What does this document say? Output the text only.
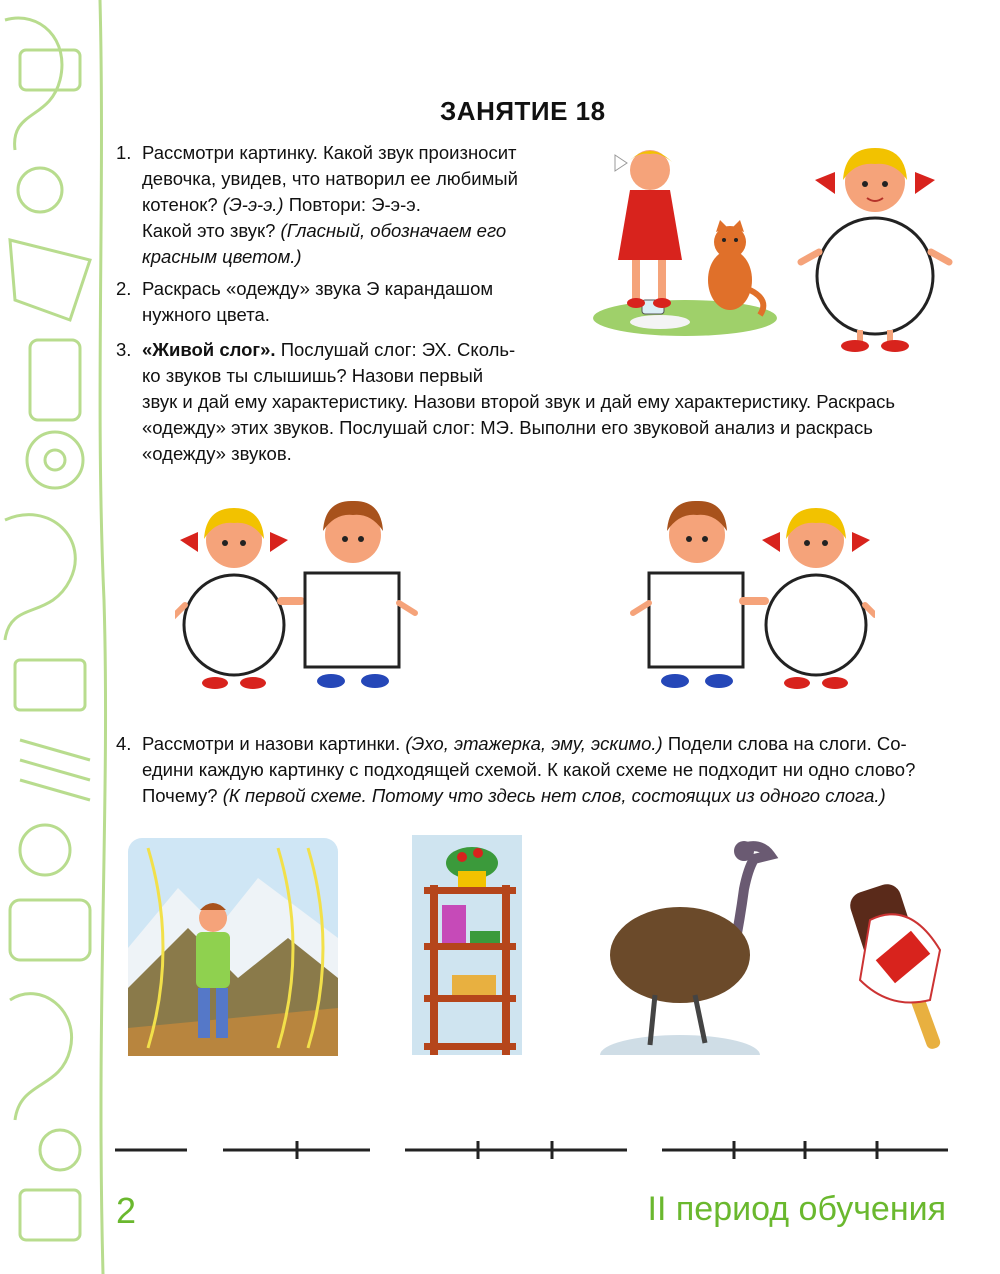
ЗАНЯТИЕ 18
1. Рассмотри картинку. Какой звук произносит
девочка, увидев, что натворил ее любимый
котенок? (Э-э-э.) Повтори: Э-э-э.
Какой это звук? (Гласный, обозначаем его
красным цветом.)
2. Раскрась «одежду» звука Э карандашом
нужного цвета.
3. «Живой слог». Послушай слог: ЭХ. Сколь-
ко звуков ты слышишь? Назови первый
звук и дай ему характеристику. Назови второй звук и дай ему характеристику. Раскрась
«одежду» этих звуков. Послушай слог: МЭ. Выполни его звуковой анализ и раскрась
«одежду» звуков.
4. Рассмотри и назови картинки. (Эхо, этажерка, эму, эскимо.) Подели слова на слоги. Со-
едини каждую картинку с подходящей схемой. К какой схеме не подходит ни одно слово?
Почему? (К первой схеме. Потому что здесь нет слов, состоящих из одного слога.)
2	II период обучения
